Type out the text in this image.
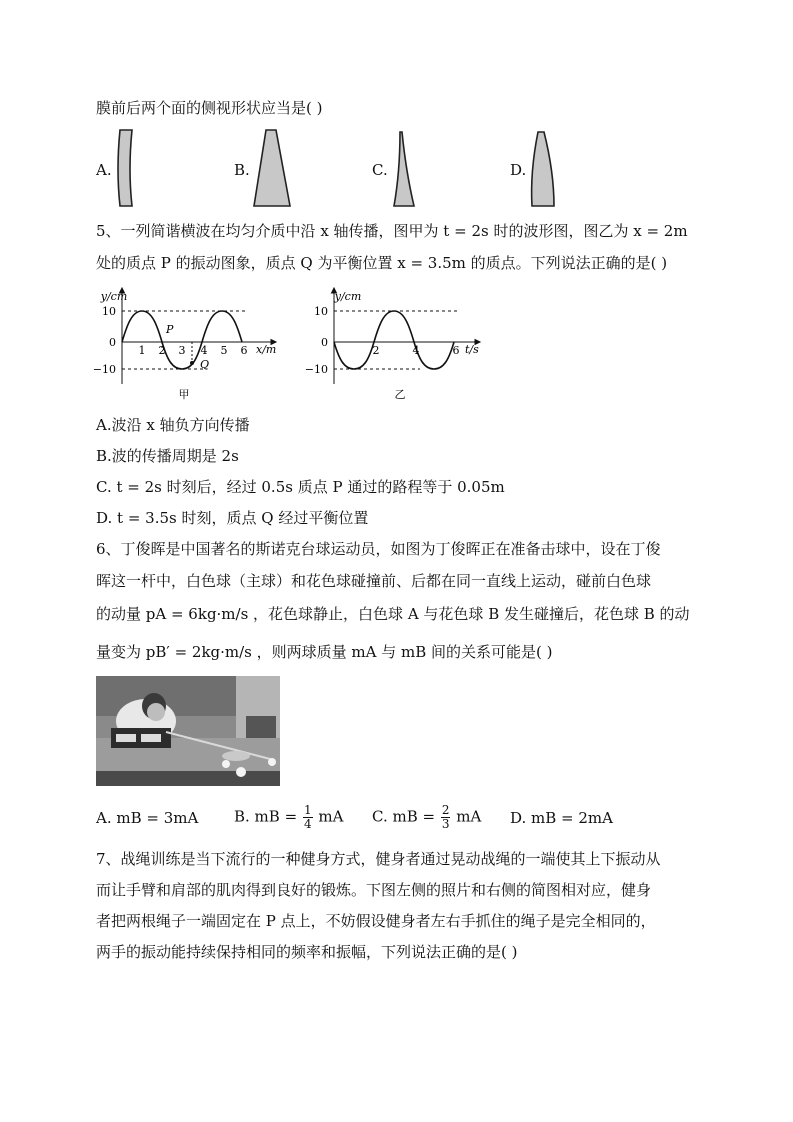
膜前后两个面的侧视形状应当是( )
A.	B.	C.	D.
5、一列简谐横波在均匀介质中沿 x 轴传播，图甲为 t = 2s 时的波形图，图乙为 x = 2m
处的质点 P 的振动图象，质点 Q 为平衡位置 x = 3.5m 的质点。下列说法正确的是( )
y/cm
10
0
−10
1 2 3 4 5 6 x/m
P
Q
甲
y/cm
10
0
−10
2	4	6 t/s
乙
A.波沿 x 轴负方向传播
B.波的传播周期是 2s
C. t = 2s 时刻后，经过 0.5s 质点 P 通过的路程等于 0.05m
D. t = 3.5s 时刻，质点 Q 经过平衡位置
6、丁俊晖是中国著名的斯诺克台球运动员，如图为丁俊晖正在准备击球中，设在丁俊
晖这一杆中，白色球（主球）和花色球碰撞前、后都在同一直线上运动，碰前白色球
的动量 pA = 6kg·m/s ，花色球静止，白色球 A 与花色球 B 发生碰撞后，花色球 B 的动
量变为 pB′ = 2kg·m/s ，则两球质量 mA 与 mB 间的关系可能是( )
A. mB = 3mA B. mB = $\frac{1}{4}$ mA C. mB = $\frac{2}{3}$ mA D. mB = 2mA
7、战绳训练是当下流行的一种健身方式，健身者通过晃动战绳的一端使其上下振动从
而让手臂和肩部的肌肉得到良好的锻炼。下图左侧的照片和右侧的简图相对应，健身
者把两根绳子一端固定在 P 点上，不妨假设健身者左右手抓住的绳子是完全相同的，
两手的振动能持续保持相同的频率和振幅，下列说法正确的是( )
